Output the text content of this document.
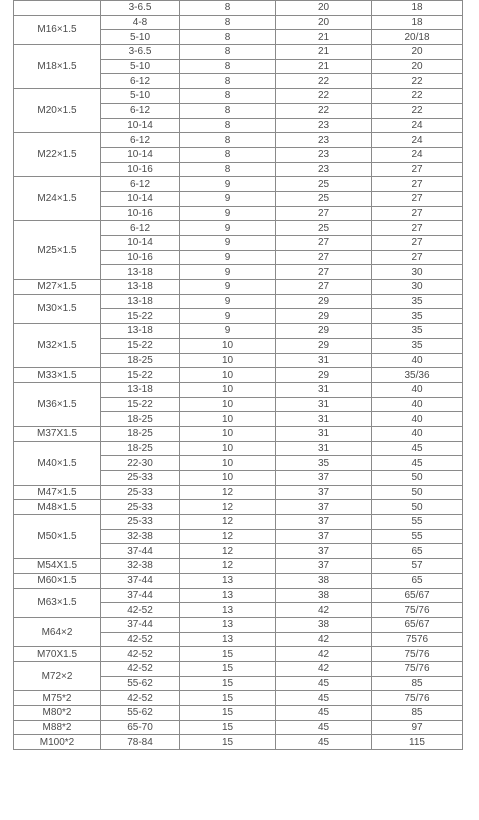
	3-6.5	8	20	18
M16×1.5	4-8	8	20	18
	5-10	8	21	20/18
M18×1.5	3-6.5	8	21	20
	5-10	8	21	20
	6-12	8	22	22
M20×1.5	5-10	8	22	22
	6-12	8	22	22
	10-14	8	23	24
M22×1.5	6-12	8	23	24
	10-14	8	23	24
	10-16	8	23	27
M24×1.5	6-12	9	25	27
	10-14	9	25	27
	10-16	9	27	27
M25×1.5	6-12	9	25	27
	10-14	9	27	27
	10-16	9	27	27
	13-18	9	27	30
M27×1.5	13-18	9	27	30
M30×1.5	13-18	9	29	35
	15-22	9	29	35
M32×1.5	13-18	9	29	35
	15-22	10	29	35
	18-25	10	31	40
M33×1.5	15-22	10	29	35/36
M36×1.5	13-18	10	31	40
	15-22	10	31	40
	18-25	10	31	40
M37X1.5	18-25	10	31	40
M40×1.5	18-25	10	31	45
	22-30	10	35	45
	25-33	10	37	50
M47×1.5	25-33	12	37	50
M48×1.5	25-33	12	37	50
M50×1.5	25-33	12	37	55
	32-38	12	37	55
	37-44	12	37	65
M54X1.5	32-38	12	37	57
M60×1.5	37-44	13	38	65
M63×1.5	37-44	13	38	65/67
	42-52	13	42	75/76
M64×2	37-44	13	38	65/67
	42-52	13	42	7576
M70X1.5	42-52	15	42	75/76
M72×2	42-52	15	42	75/76
	55-62	15	45	85
M75*2	42-52	15	45	75/76
M80*2	55-62	15	45	85
M88*2	65-70	15	45	97
M100*2	78-84	15	45	115
